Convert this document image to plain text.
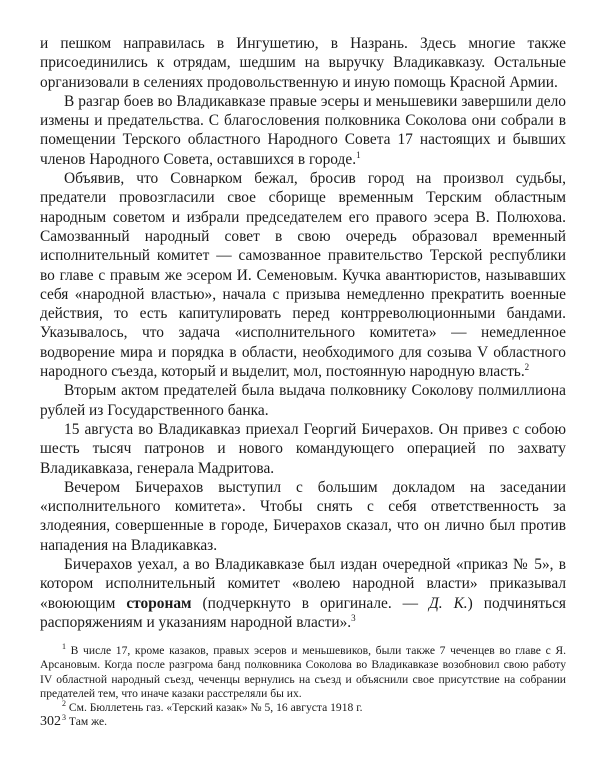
и пешком направилась в Ингушетию, в Назрань. Здесь многие также присоединились к отрядам, шедшим на выручку Владикавказу. Остальные организовали в селениях продовольственную и иную помощь Красной Армии.

В разгар боев во Владикавказе правые эсеры и меньшевики завершили дело измены и предательства. С благословения полковника Соколова они собрали в помещении Терского областного Народного Совета 17 настоящих и бывших членов Народного Совета, оставшихся в городе.$^1$

Объявив, что Совнарком бежал, бросив город на произвол судьбы, предатели провозгласили свое сборище временным Терским областным народным советом и избрали председателем его правого эсера В. Полюхова. Самозванный народный совет в свою очередь образовал временный исполнительный комитет — самозванное правительство Терской республики во главе с правым же эсером И. Семеновым. Кучка авантюристов, называвших себя «народной властью», начала с призыва немедленно прекратить военные действия, то есть капитулировать перед контрреволюционными бандами. Указывалось, что задача «исполнительного комитета» — немедленное водворение мира и порядка в области, необходимого для созыва V областного народного съезда, который и выделит, мол, постоянную народную власть.$^2$

Вторым актом предателей была выдача полковнику Соколову полмиллиона рублей из Государственного банка.

15 августа во Владикавказ приехал Георгий Бичерахов. Он привез с собою шесть тысяч патронов и нового командующего операцией по захвату Владикавказа, генерала Мадритова.

Вечером Бичерахов выступил с большим докладом на заседании «исполнительного комитета». Чтобы снять с себя ответственность за злодеяния, совершенные в городе, Бичерахов сказал, что он лично был против нападения на Владикавказ.

Бичерахов уехал, а во Владикавказе был издан очередной «приказ № 5», в котором исполнительный комитет «волею народной власти» приказывал «воюющим сторонам (подчеркнуто в оригинале. — Д. К.) подчиняться распоряжениям и указаниям народной власти».$^3$

$^1$ В числе 17, кроме казаков, правых эсеров и меньшевиков, были также 7 чеченцев во главе с Я. Арсановым. Когда после разгрома банд полковника Соколова во Владикавказе возобновил свою работу IV областной народный съезд, чеченцы вернулись на съезд и объяснили свое присутствие на собрании предателей тем, что иначе казаки расстреляли бы их.

$^2$ См. Бюллетень газ. «Терский казак» № 5, 16 августа 1918 г.

$^3$ Там же.

302
